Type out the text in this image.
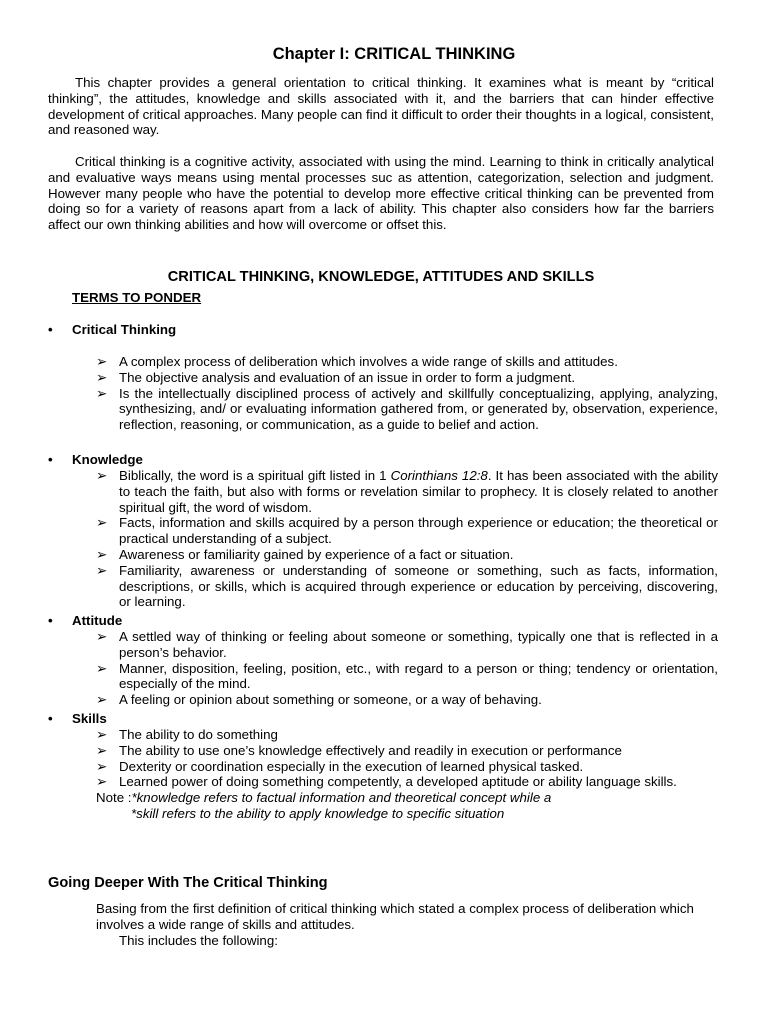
Chapter I: CRITICAL THINKING

This chapter provides a general orientation to critical thinking. It examines what is meant by “critical thinking”, the attitudes, knowledge and skills associated with it, and the barriers that can hinder effective development of critical approaches. Many people can find it difficult to order their thoughts in a logical, consistent, and reasoned way.

Critical thinking is a cognitive activity, associated with using the mind. Learning to think in critically analytical and evaluative ways means using mental processes suc as attention, categorization, selection and judgment. However many people who have the potential to develop more effective critical thinking can be prevented from doing so for a variety of reasons apart from a lack of ability. This chapter also considers how far the barriers affect our own thinking abilities and how will overcome or offset this.

CRITICAL THINKING, KNOWLEDGE, ATTITUDES AND SKILLS
TERMS TO PONDER
• Critical Thinking
➢ A complex process of deliberation which involves a wide range of skills and attitudes.
➢ The objective analysis and evaluation of an issue in order to form a judgment.
➢ Is the intellectually disciplined process of actively and skillfully conceptualizing, applying, analyzing, synthesizing, and/ or evaluating information gathered from, or generated by, observation, experience, reflection, reasoning, or communication, as a guide to belief and action.
• Knowledge
➢ Biblically, the word is a spiritual gift listed in 1 Corinthians 12:8. It has been associated with the ability to teach the faith, but also with forms or revelation similar to prophecy. It is closely related to another spiritual gift, the word of wisdom.
➢ Facts, information and skills acquired by a person through experience or education; the theoretical or practical understanding of a subject.
➢ Awareness or familiarity gained by experience of a fact or situation.
➢ Familiarity, awareness or understanding of someone or something, such as facts, information, descriptions, or skills, which is acquired through experience or education by perceiving, discovering, or learning.
• Attitude
➢ A settled way of thinking or feeling about someone or something, typically one that is reflected in a person’s behavior.
➢ Manner, disposition, feeling, position, etc., with regard to a person or thing; tendency or orientation, especially of the mind.
➢ A feeling or opinion about something or someone, or a way of behaving.
• Skills
➢ The ability to do something
➢ The ability to use one’s knowledge effectively and readily in execution or performance
➢ Dexterity or coordination especially in the execution of learned physical tasked.
➢ Learned power of doing something competently, a developed aptitude or ability language skills.
Note :*knowledge refers to factual information and theoretical concept while a
*skill refers to the ability to apply knowledge to specific situation
Going Deeper With The Critical Thinking
Basing from the first definition of critical thinking which stated a complex process of deliberation which involves a wide range of skills and attitudes.
This includes the following:
